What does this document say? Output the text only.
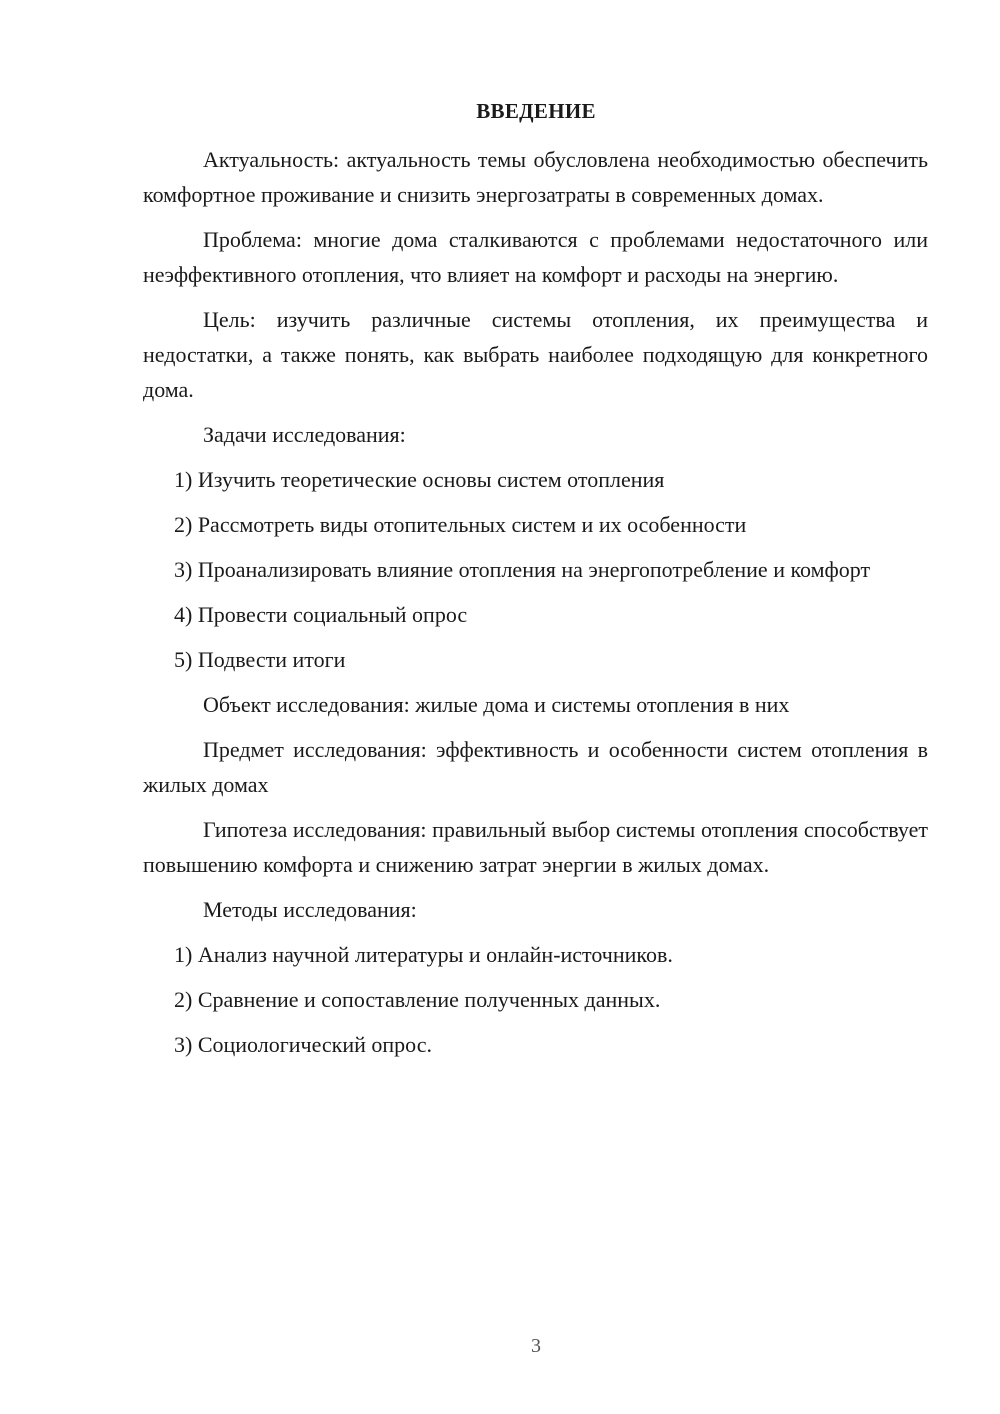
ВВЕДЕНИЕ

Актуальность: актуальность темы обусловлена необходимостью обеспечить комфортное проживание и снизить энергозатраты в современных домах.

Проблема: многие дома сталкиваются с проблемами недостаточного или неэффективного отопления, что влияет на комфорт и расходы на энергию.

Цель: изучить различные системы отопления, их преимущества и недостатки, а также понять, как выбрать наиболее подходящую для конкретного дома.

Задачи исследования:

1) Изучить теоретические основы систем отопления

2) Рассмотреть виды отопительных систем и их особенности

3) Проанализировать влияние отопления на энергопотребление и комфорт

4) Провести социальный опрос

5) Подвести итоги

Объект исследования: жилые дома и системы отопления в них

Предмет исследования: эффективность и особенности систем отопления в жилых домах

Гипотеза исследования: правильный выбор системы отопления способствует повышению комфорта и снижению затрат энергии в жилых домах.

Методы исследования:

1) Анализ научной литературы и онлайн-источников.

2) Сравнение и сопоставление полученных данных.

3) Социологический опрос.

3
